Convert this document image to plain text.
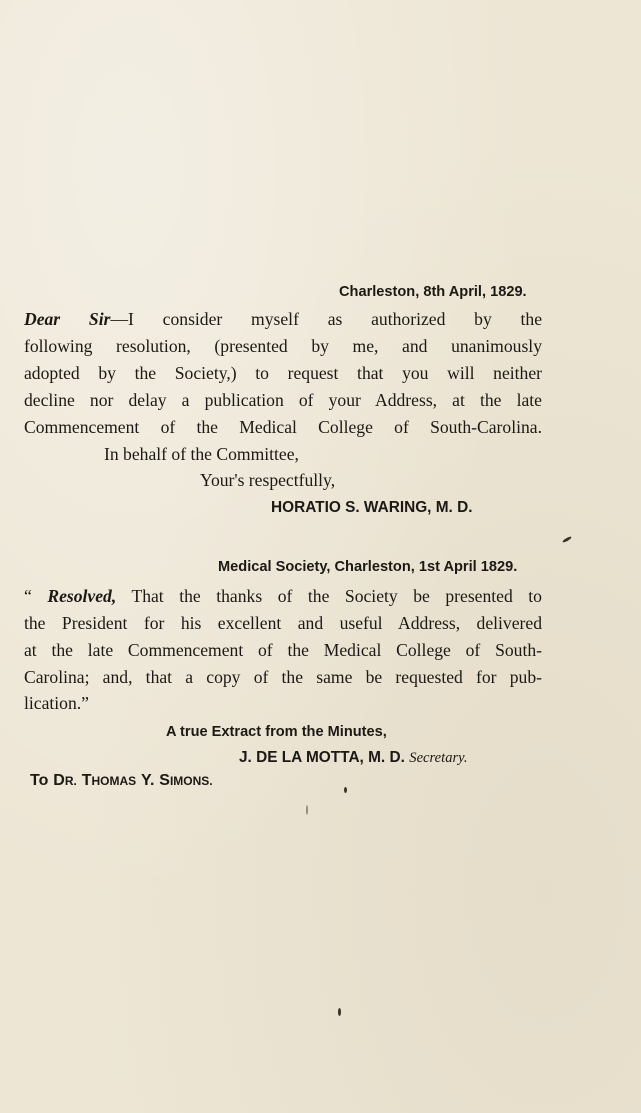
Charleston, 8th April, 1829.
Dear Sir—I consider myself as authorized by the
following resolution, (presented by me, and unanimously
adopted by the Society,) to request that you will neither
decline nor delay a publication of your Address, at the late
Commencement of the Medical College of South-Carolina.
In behalf of the Committee,
Your's respectfully,
HORATIO S. WARING, M. D.
Medical Society, Charleston, 1st April 1829.
“ Resolved, That the thanks of the Society be presented to
the President for his excellent and useful Address, delivered
at the late Commencement of the Medical College of South-
Carolina; and, that a copy of the same be requested for pub-
lication.”
A true Extract from the Minutes,
J. DE LA MOTTA, M. D. Secretary.
To DR. THOMAS Y. SIMONS.
